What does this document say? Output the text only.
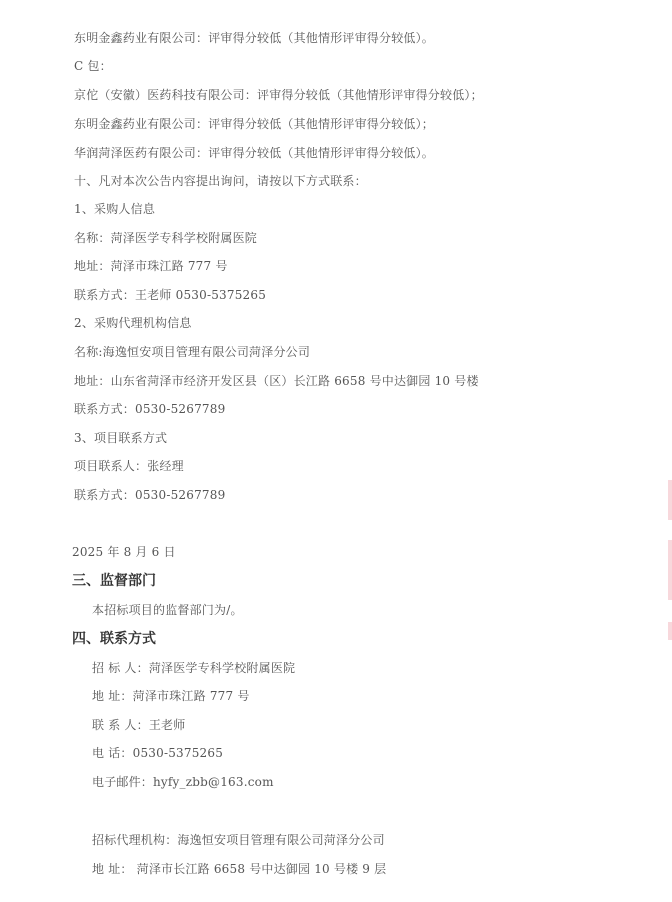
东明金鑫药业有限公司：评审得分较低（其他情形评审得分较低）。
C 包：
京佗（安徽）医药科技有限公司：评审得分较低（其他情形评审得分较低）；
东明金鑫药业有限公司：评审得分较低（其他情形评审得分较低）；
华润菏泽医药有限公司：评审得分较低（其他情形评审得分较低）。
十、凡对本次公告内容提出询问，请按以下方式联系：
1、采购人信息
名称：菏泽医学专科学校附属医院
地址：菏泽市珠江路 777 号
联系方式：王老师 0530-5375265
2、采购代理机构信息
名称:海逸恒安项目管理有限公司菏泽分公司
地址：山东省菏泽市经济开发区县（区）长江路 6658 号中达御园 10 号楼
联系方式：0530-5267789
3、项目联系方式
项目联系人：张经理
联系方式：0530-5267789
2025 年 8 月 6 日
三、监督部门
本招标项目的监督部门为/。
四、联系方式
招 标 人：菏泽医学专科学校附属医院
地 址：菏泽市珠江路 777 号
联 系 人：王老师
电 话：0530-5375265
电子邮件：hyfy_zbb@163.com
招标代理机构：海逸恒安项目管理有限公司菏泽分公司
地 址： 菏泽市长江路 6658 号中达御园 10 号楼 9 层
